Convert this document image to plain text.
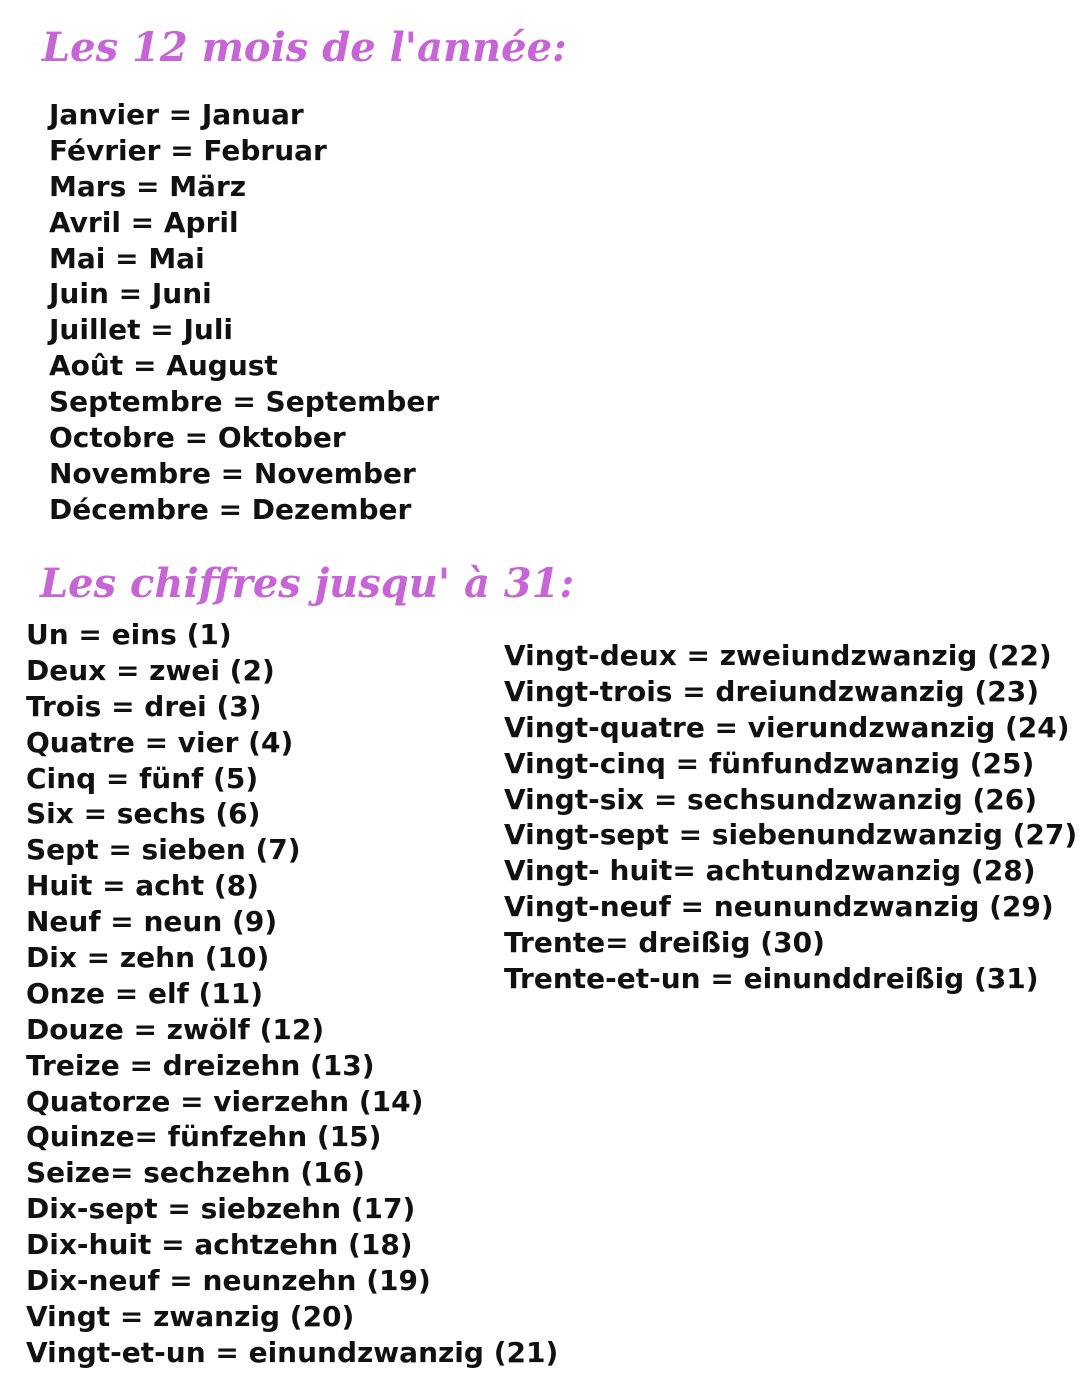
Les 12 mois de l'année:
Janvier = Januar
Février = Februar
Mars = März
Avril = April
Mai = Mai
Juin = Juni
Juillet = Juli
Août = August
Septembre = September
Octobre = Oktober
Novembre = November
Décembre = Dezember
Les chiffres jusqu' à 31:
Un = eins (1)
Deux = zwei (2)
Trois = drei (3)
Quatre = vier (4)
Cinq = fünf (5)
Six = sechs (6)
Sept = sieben (7)
Huit = acht (8)
Neuf = neun (9)
Dix = zehn (10)
Onze = elf (11)
Douze = zwölf (12)
Treize = dreizehn (13)
Quatorze = vierzehn (14)
Quinze= fünfzehn (15)
Seize= sechzehn (16)
Dix-sept = siebzehn (17)
Dix-huit = achtzehn (18)
Dix-neuf = neunzehn (19)
Vingt = zwanzig (20)
Vingt-et-un = einundzwanzig (21)
Vingt-deux = zweiundzwanzig (22)
Vingt-trois = dreiundzwanzig (23)
Vingt-quatre = vierundzwanzig (24)
Vingt-cinq = fünfundzwanzig (25)
Vingt-six = sechsundzwanzig (26)
Vingt-sept = siebenundzwanzig (27)
Vingt- huit= achtundzwanzig (28)
Vingt-neuf = neunundzwanzig (29)
Trente= dreißig (30)
Trente-et-un = einunddreißig (31)
